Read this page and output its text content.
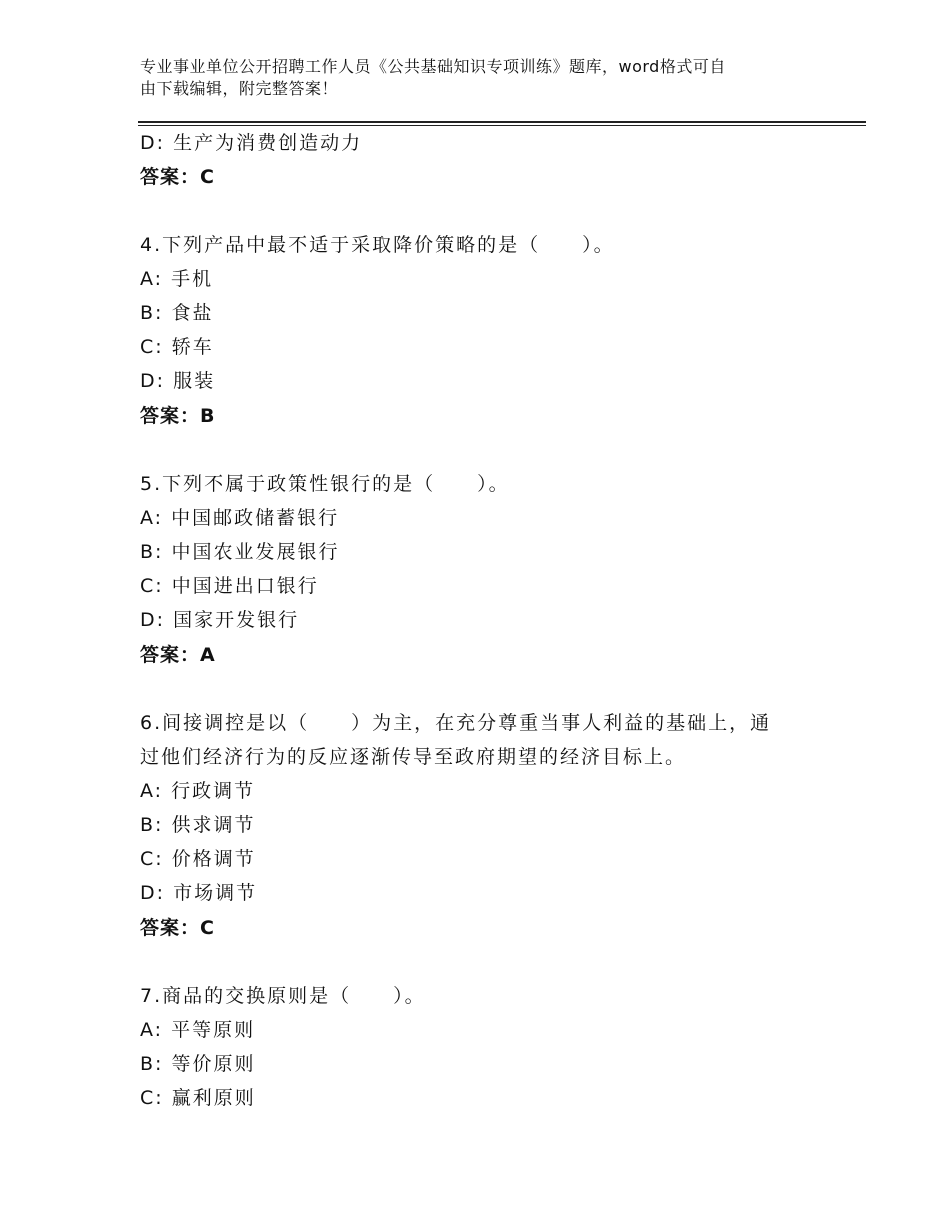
专业事业单位公开招聘工作人员《公共基础知识专项训练》题库，word格式可自
由下载编辑，附完整答案！
D: 生产为消费创造动力
答案：C
4.下列产品中最不适于采取降价策略的是（　　）。
A: 手机
B: 食盐
C: 轿车
D: 服装
答案：B
5.下列不属于政策性银行的是（　　）。
A: 中国邮政储蓄银行
B: 中国农业发展银行
C: 中国进出口银行
D: 国家开发银行
答案：A
6.间接调控是以（　　）为主，在充分尊重当事人利益的基础上，通
过他们经济行为的反应逐渐传导至政府期望的经济目标上。
A: 行政调节
B: 供求调节
C: 价格调节
D: 市场调节
答案：C
7.商品的交换原则是（　　）。
A: 平等原则
B: 等价原则
C: 赢利原则
